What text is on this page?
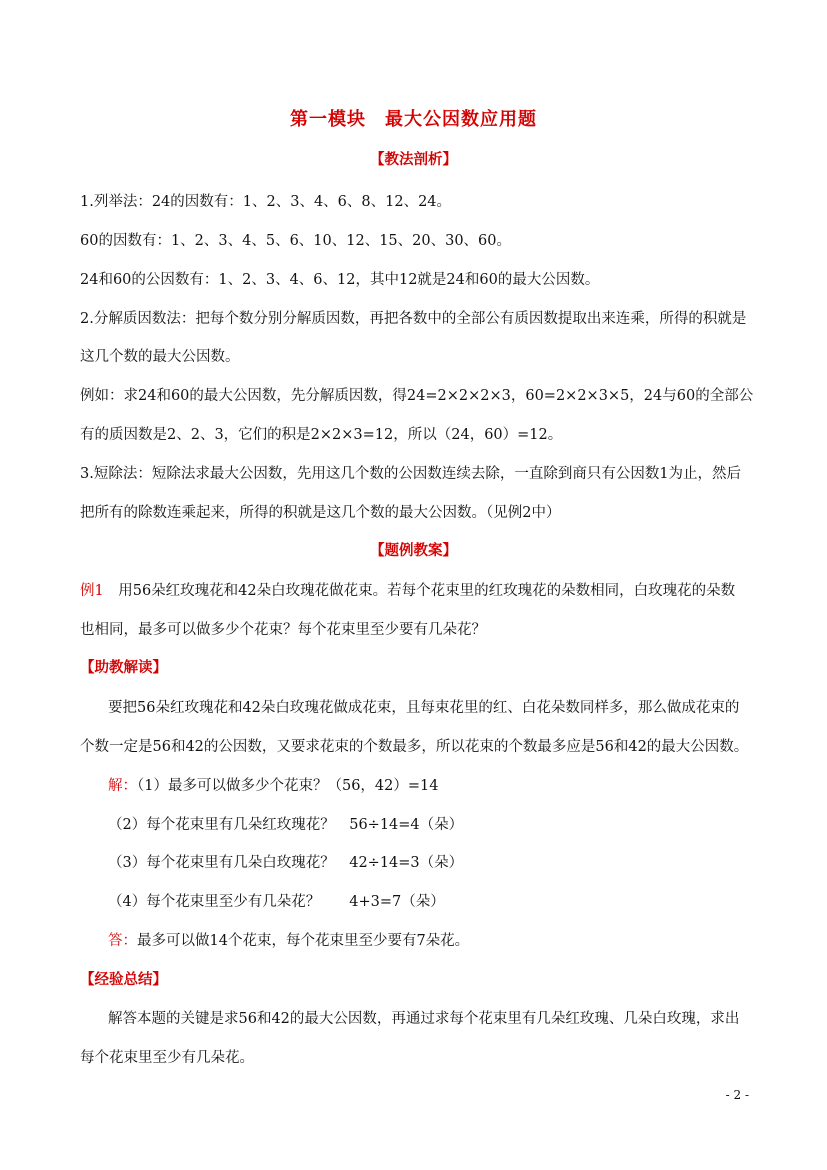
第一模块　最大公因数应用题
【教法剖析】
1.列举法：24的因数有：1、2、3、4、6、8、12、24。
60的因数有：1、2、3、4、5、6、10、12、15、20、30、60。
24和60的公因数有：1、2、3、4、6、12，其中12就是24和60的最大公因数。
2.分解质因数法：把每个数分别分解质因数，再把各数中的全部公有质因数提取出来连乘，所得的积就是
这几个数的最大公因数。
例如：求24和60的最大公因数，先分解质因数，得24=2×2×2×3，60=2×2×3×5，24与60的全部公
有的质因数是2、2、3，它们的积是2×2×3=12，所以（24，60）=12。
3.短除法：短除法求最大公因数，先用这几个数的公因数连续去除，一直除到商只有公因数1为止，然后
把所有的除数连乘起来，所得的积就是这几个数的最大公因数。（见例2中）
【题例教案】
例1  用56朵红玫瑰花和42朵白玫瑰花做花束。若每个花束里的红玫瑰花的朵数相同，白玫瑰花的朵数
也相同，最多可以做多少个花束？每个花束里至少要有几朵花？
【助教解读】
要把56朵红玫瑰花和42朵白玫瑰花做成花束，且每束花里的红、白花朵数同样多，那么做成花束的
个数一定是56和42的公因数，又要求花束的个数最多，所以花束的个数最多应是56和42的最大公因数。
解：（1）最多可以做多少个花束？（56，42）=14
（2）每个花束里有几朵红玫瑰花？　56÷14=4（朵）
（3）每个花束里有几朵白玫瑰花？　42÷14=3（朵）
（4）每个花束里至少有几朵花？　　4+3=7（朵）
答：最多可以做14个花束，每个花束里至少要有7朵花。
【经验总结】
解答本题的关键是求56和42的最大公因数，再通过求每个花束里有几朵红玫瑰、几朵白玫瑰，求出
每个花束里至少有几朵花。
- 2 -
